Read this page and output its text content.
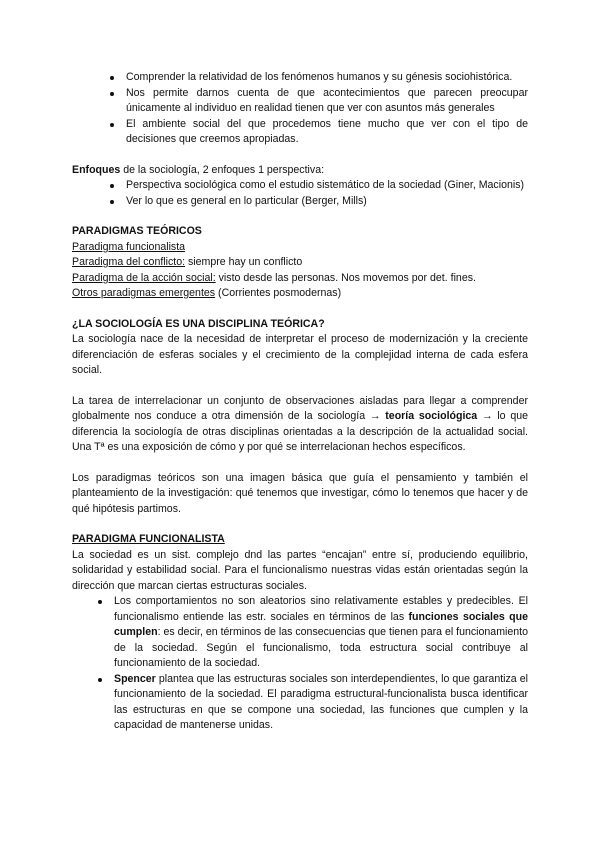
Comprender la relatividad de los fenómenos humanos y su génesis sociohistórica.
Nos permite darnos cuenta de que acontecimientos que parecen preocupar únicamente al individuo en realidad tienen que ver con asuntos más generales
El ambiente social del que procedemos tiene mucho que ver con el tipo de decisiones que creemos apropiadas.

Enfoques de la sociología, 2 enfoques 1 perspectiva:

Perspectiva sociológica como el estudio sistemático de la sociedad (Giner, Macionis)
Ver lo que es general en lo particular (Berger, Mills)

PARADIGMAS TEÓRICOS

Paradigma funcionalista

Paradigma del conflicto: siempre hay un conflicto

Paradigma de la acción social: visto desde las personas. Nos movemos por det. fines.

Otros paradigmas emergentes (Corrientes posmodernas)

¿LA SOCIOLOGÍA ES UNA DISCIPLINA TEÓRICA?

La sociología nace de la necesidad de interpretar el proceso de modernización y la creciente diferenciación de esferas sociales y el crecimiento de la complejidad interna de cada esfera social.

La tarea de interrelacionar un conjunto de observaciones aisladas para llegar a comprender globalmente nos conduce a otra dimensión de la sociología → teoría sociológica → lo que diferencia la sociología de otras disciplinas orientadas a la descripción de la actualidad social. Una Tª es una exposición de cómo y por qué se interrelacionan hechos específicos.

Los paradigmas teóricos son una imagen básica que guía el pensamiento y también el planteamiento de la investigación: qué tenemos que investigar, cómo lo tenemos que hacer y de qué hipótesis partimos.

PARADIGMA FUNCIONALISTA

La sociedad es un sist. complejo dnd las partes “encajan” entre sí, produciendo equilibrio, solidaridad y estabilidad social. Para el funcionalismo nuestras vidas están orientadas según la dirección que marcan ciertas estructuras sociales.

Los comportamientos no son aleatorios sino relativamente estables y predecibles. El funcionalismo entiende las estr. sociales en términos de las funciones sociales que cumplen: es decir, en términos de las consecuencias que tienen para el funcionamiento de la sociedad. Según el funcionalismo, toda estructura social contribuye al funcionamiento de la sociedad.
Spencer plantea que las estructuras sociales son interdependientes, lo que garantiza el funcionamiento de la sociedad. El paradigma estructural-funcionalista busca identificar las estructuras en que se compone una sociedad, las funciones que cumplen y la capacidad de mantenerse unidas.
